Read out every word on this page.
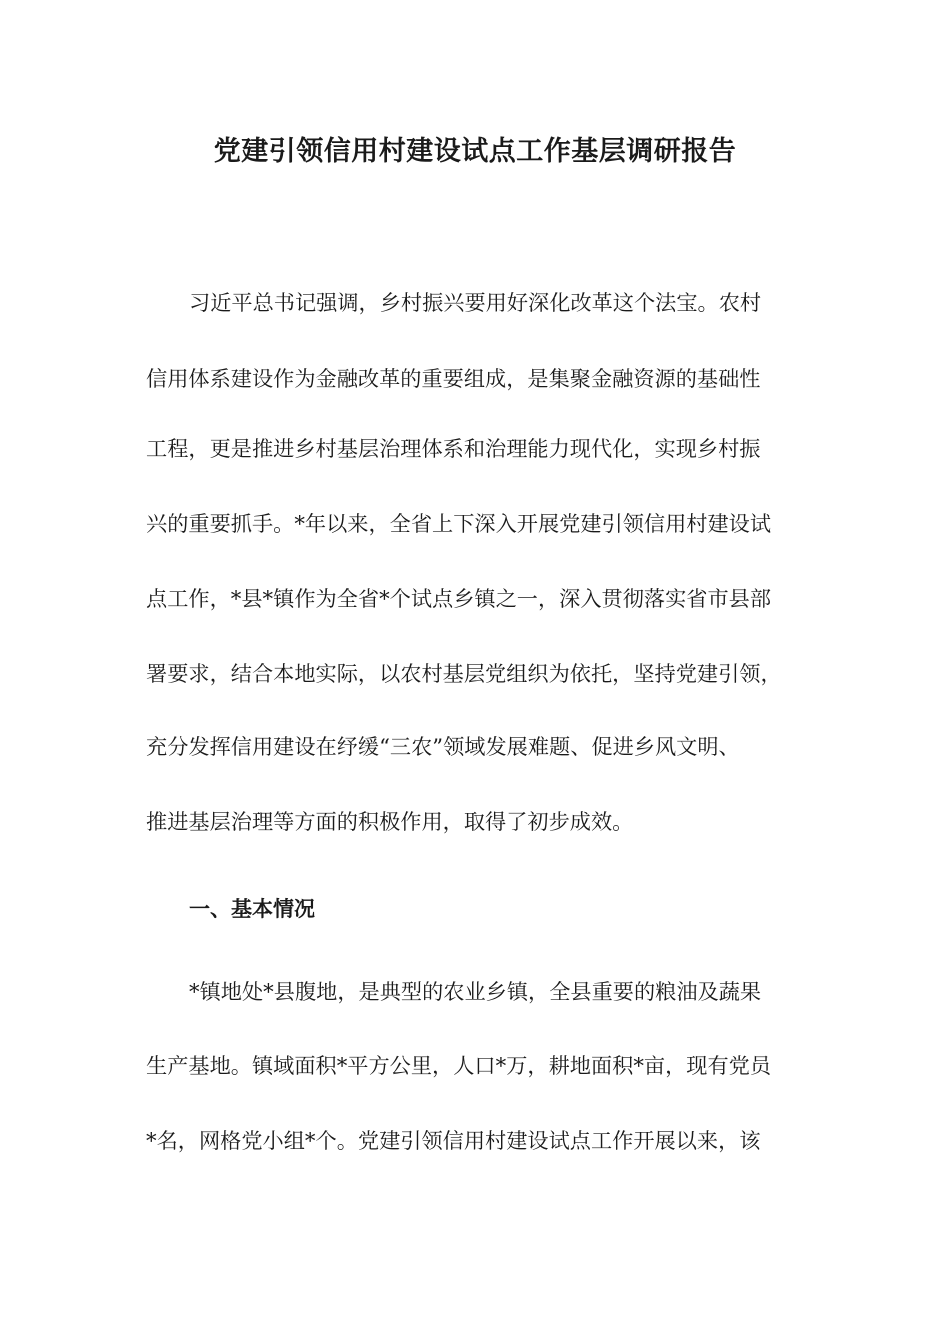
党建引领信用村建设试点工作基层调研报告

习近平总书记强调，乡村振兴要用好深化改革这个法宝。农村

信用体系建设作为金融改革的重要组成，是集聚金融资源的基础性

工程，更是推进乡村基层治理体系和治理能力现代化，实现乡村振

兴的重要抓手。*年以来，全省上下深入开展党建引领信用村建设试

点工作，*县*镇作为全省*个试点乡镇之一，深入贯彻落实省市县部

署要求，结合本地实际，以农村基层党组织为依托，坚持党建引领，

充分发挥信用建设在纾缓“三农”领域发展难题、促进乡风文明、

推进基层治理等方面的积极作用，取得了初步成效。

一、基本情况

*镇地处*县腹地，是典型的农业乡镇，全县重要的粮油及蔬果

生产基地。镇域面积*平方公里，人口*万，耕地面积*亩，现有党员

*名，网格党小组*个。党建引领信用村建设试点工作开展以来，该
